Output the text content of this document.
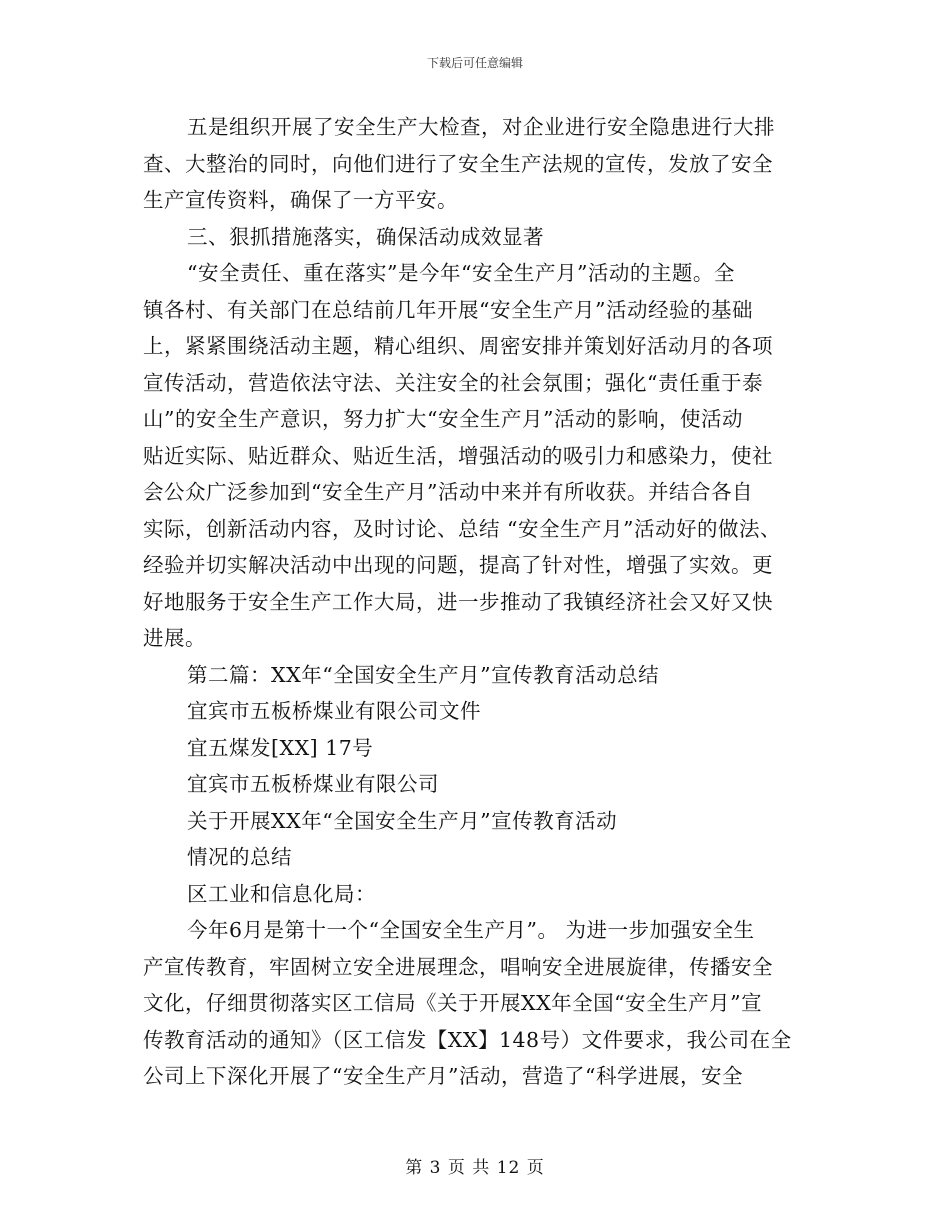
下载后可任意编辑
五是组织开展了安全生产大检查，对企业进行安全隐患进行大排
查、大整治的同时，向他们进行了安全生产法规的宣传，发放了安全
生产宣传资料，确保了一方平安。
三、狠抓措施落实，确保活动成效显著
“安全责任、重在落实”是今年“安全生产月”活动的主题。全
镇各村、有关部门在总结前几年开展“安全生产月”活动经验的基础
上，紧紧围绕活动主题，精心组织、周密安排并策划好活动月的各项
宣传活动，营造依法守法、关注安全的社会氛围；强化“责任重于泰
山”的安全生产意识，努力扩大“安全生产月”活动的影响，使活动
贴近实际、贴近群众、贴近生活，增强活动的吸引力和感染力，使社
会公众广泛参加到“安全生产月”活动中来并有所收获。并结合各自
实际，创新活动内容，及时讨论、总结 “安全生产月”活动好的做法、
经验并切实解决活动中出现的问题，提高了针对性，增强了实效。更
好地服务于安全生产工作大局，进一步推动了我镇经济社会又好又快
进展。
第二篇：XX年“全国安全生产月”宣传教育活动总结
宜宾市五板桥煤业有限公司文件
宜五煤发[XX] 17号
宜宾市五板桥煤业有限公司
关于开展XX年“全国安全生产月”宣传教育活动
情况的总结
区工业和信息化局：
今年6月是第十一个“全国安全生产月”。 为进一步加强安全生
产宣传教育，牢固树立安全进展理念，唱响安全进展旋律，传播安全
文化，仔细贯彻落实区工信局《关于开展XX年全国“安全生产月”宣
传教育活动的通知》（区工信发【XX】148号）文件要求，我公司在全
公司上下深化开展了“安全生产月”活动，营造了“科学进展，安全
第 3 页 共 12 页
